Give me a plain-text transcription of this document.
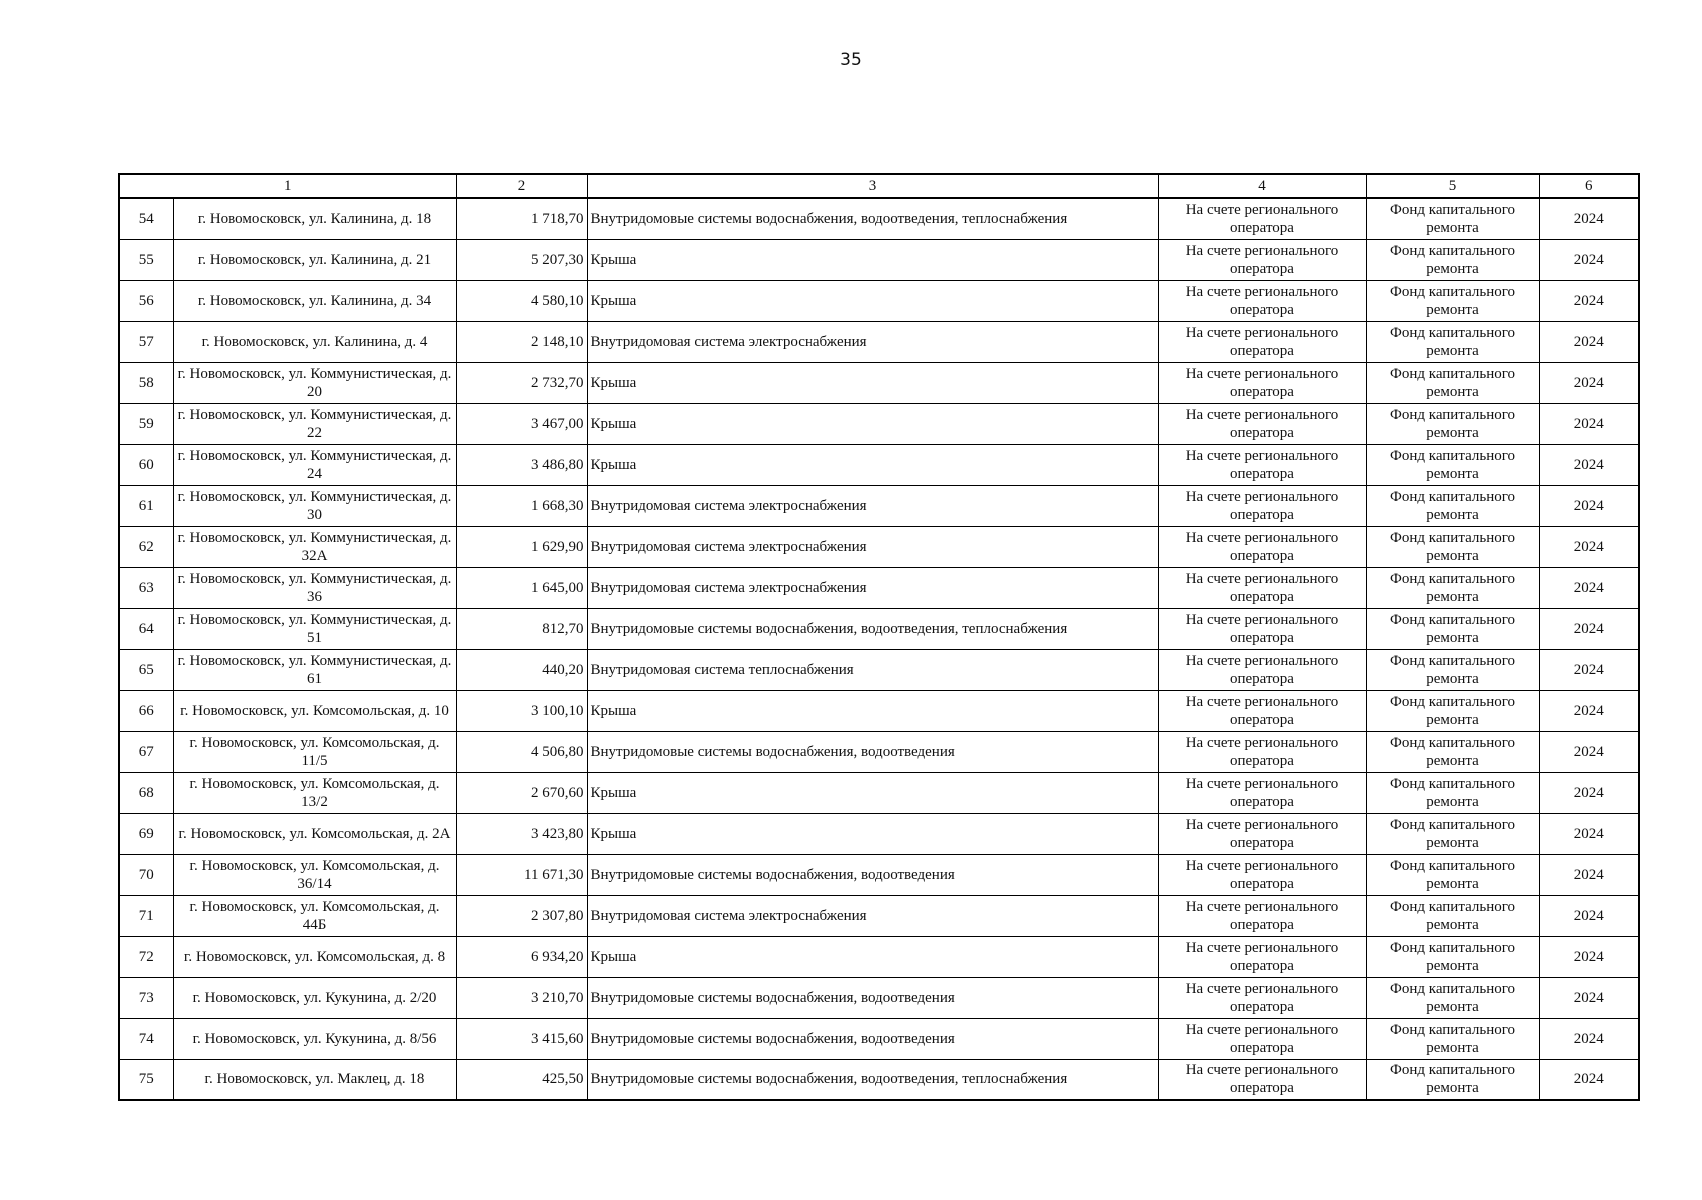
35
1		2	3	4	5	6
54	г. Новомосковск, ул. Калинина, д. 18	1 718,70	Внутридомовые системы водоснабжения, водоотведения, теплоснабжения	На счете регионального оператора	Фонд капитального ремонта	2024
55	г. Новомосковск, ул. Калинина, д. 21	5 207,30	Крыша	На счете регионального оператора	Фонд капитального ремонта	2024
56	г. Новомосковск, ул. Калинина, д. 34	4 580,10	Крыша	На счете регионального оператора	Фонд капитального ремонта	2024
57	г. Новомосковск, ул. Калинина, д. 4	2 148,10	Внутридомовая система электроснабжения	На счете регионального оператора	Фонд капитального ремонта	2024
58	г. Новомосковск, ул. Коммунистическая, д. 20	2 732,70	Крыша	На счете регионального оператора	Фонд капитального ремонта	2024
59	г. Новомосковск, ул. Коммунистическая, д. 22	3 467,00	Крыша	На счете регионального оператора	Фонд капитального ремонта	2024
60	г. Новомосковск, ул. Коммунистическая, д. 24	3 486,80	Крыша	На счете регионального оператора	Фонд капитального ремонта	2024
61	г. Новомосковск, ул. Коммунистическая, д. 30	1 668,30	Внутридомовая система электроснабжения	На счете регионального оператора	Фонд капитального ремонта	2024
62	г. Новомосковск, ул. Коммунистическая, д. 32А	1 629,90	Внутридомовая система электроснабжения	На счете регионального оператора	Фонд капитального ремонта	2024
63	г. Новомосковск, ул. Коммунистическая, д. 36	1 645,00	Внутридомовая система электроснабжения	На счете регионального оператора	Фонд капитального ремонта	2024
64	г. Новомосковск, ул. Коммунистическая, д. 51	812,70	Внутридомовые системы водоснабжения, водоотведения, теплоснабжения	На счете регионального оператора	Фонд капитального ремонта	2024
65	г. Новомосковск, ул. Коммунистическая, д. 61	440,20	Внутридомовая система теплоснабжения	На счете регионального оператора	Фонд капитального ремонта	2024
66	г. Новомосковск, ул. Комсомольская, д. 10	3 100,10	Крыша	На счете регионального оператора	Фонд капитального ремонта	2024
67	г. Новомосковск, ул. Комсомольская, д. 11/5	4 506,80	Внутридомовые системы водоснабжения, водоотведения	На счете регионального оператора	Фонд капитального ремонта	2024
68	г. Новомосковск, ул. Комсомольская, д. 13/2	2 670,60	Крыша	На счете регионального оператора	Фонд капитального ремонта	2024
69	г. Новомосковск, ул. Комсомольская, д. 2А	3 423,80	Крыша	На счете регионального оператора	Фонд капитального ремонта	2024
70	г. Новомосковск, ул. Комсомольская, д. 36/14	11 671,30	Внутридомовые системы водоснабжения, водоотведения	На счете регионального оператора	Фонд капитального ремонта	2024
71	г. Новомосковск, ул. Комсомольская, д. 44Б	2 307,80	Внутридомовая система электроснабжения	На счете регионального оператора	Фонд капитального ремонта	2024
72	г. Новомосковск, ул. Комсомольская, д. 8	6 934,20	Крыша	На счете регионального оператора	Фонд капитального ремонта	2024
73	г. Новомосковск, ул. Кукунина, д. 2/20	3 210,70	Внутридомовые системы водоснабжения, водоотведения	На счете регионального оператора	Фонд капитального ремонта	2024
74	г. Новомосковск, ул. Кукунина, д. 8/56	3 415,60	Внутридомовые системы водоснабжения, водоотведения	На счете регионального оператора	Фонд капитального ремонта	2024
75	г. Новомосковск, ул. Маклец, д. 18	425,50	Внутридомовые системы водоснабжения, водоотведения, теплоснабжения	На счете регионального оператора	Фонд капитального ремонта	2024
